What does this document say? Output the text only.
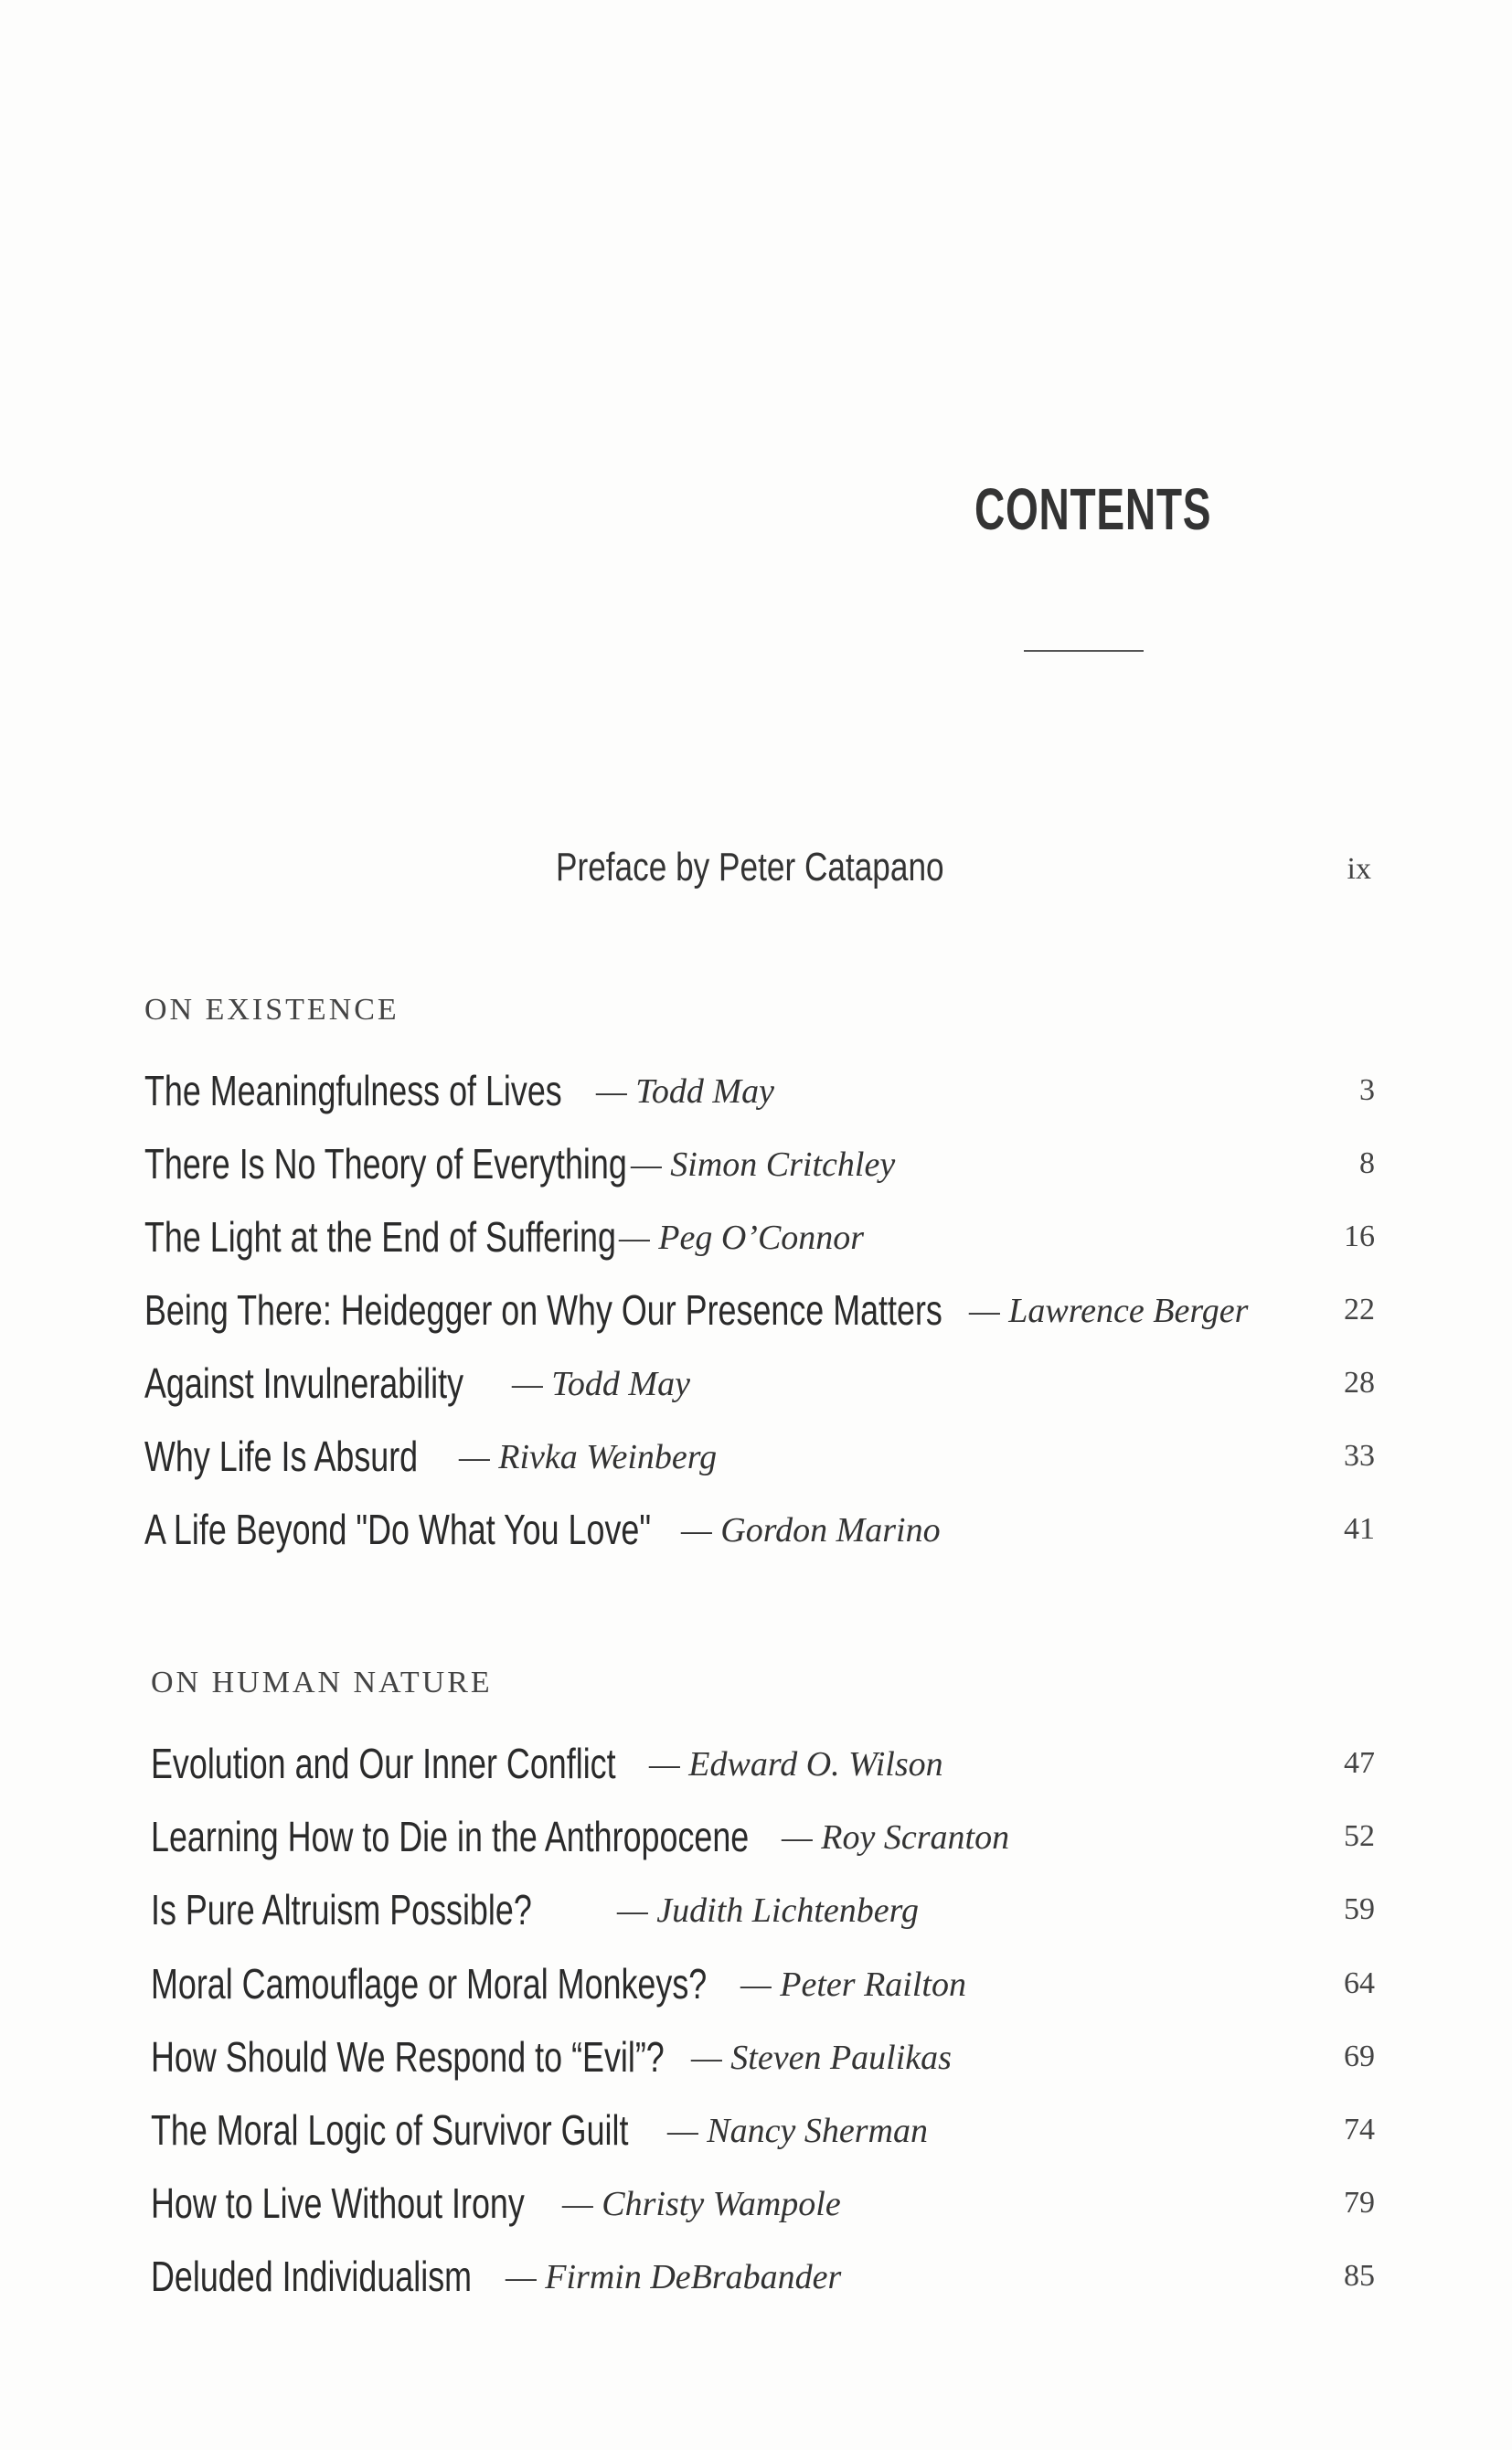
CONTENTS
Preface by Peter Catapano	ix
ON EXISTENCE
ON HUMAN NATURE
The Meaningfulness of Lives — Todd May	3
There Is No Theory of Everything — Simon Critchley	8
The Light at the End of Suffering — Peg O’Connor	16
Being There: Heidegger on Why Our Presence Matters — Lawrence Berger	22
Against Invulnerability — Todd May	28
Why Life Is Absurd — Rivka Weinberg	33
A Life Beyond "Do What You Love" — Gordon Marino	41
Evolution and Our Inner Conflict — Edward O. Wilson	47
Learning How to Die in the Anthropocene — Roy Scranton	52
Is Pure Altruism Possible? — Judith Lichtenberg	59
Moral Camouflage or Moral Monkeys? — Peter Railton	64
How Should We Respond to “Evil”? — Steven Paulikas	69
The Moral Logic of Survivor Guilt — Nancy Sherman	74
How to Live Without Irony — Christy Wampole	79
Deluded Individualism — Firmin DeBrabander	85
